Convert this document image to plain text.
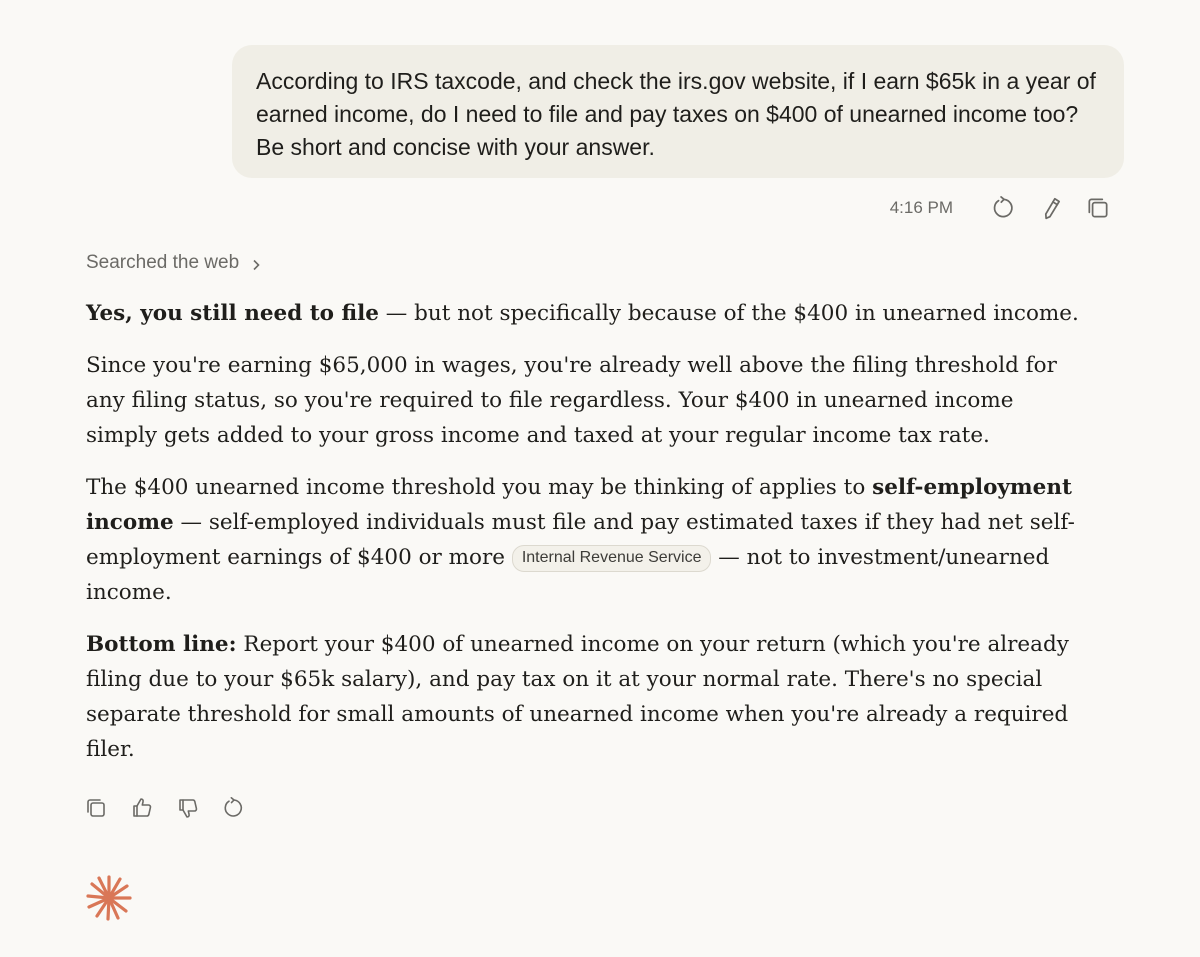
According to IRS taxcode, and check the irs.gov website, if I earn $65k in a year of earned income, do I need to file and pay taxes on $400 of unearned income too? Be short and concise with your answer.
4:16 PM
Searched the web

Yes, you still need to file — but not specifically because of the $400 in unearned income.

Since you're earning $65,000 in wages, you're already well above the filing threshold for any filing status, so you're required to file regardless. Your $400 in unearned income simply gets added to your gross income and taxed at your regular income tax rate.

The $400 unearned income threshold you may be thinking of applies to self-employment income — self-employed individuals must file and pay estimated taxes if they had net self-employment earnings of $400 or more Internal Revenue Service — not to investment/unearned income.

Bottom line: Report your $400 of unearned income on your return (which you're already filing due to your $65k salary), and pay tax on it at your normal rate. There's no special separate threshold for small amounts of unearned income when you're already a required filer.
